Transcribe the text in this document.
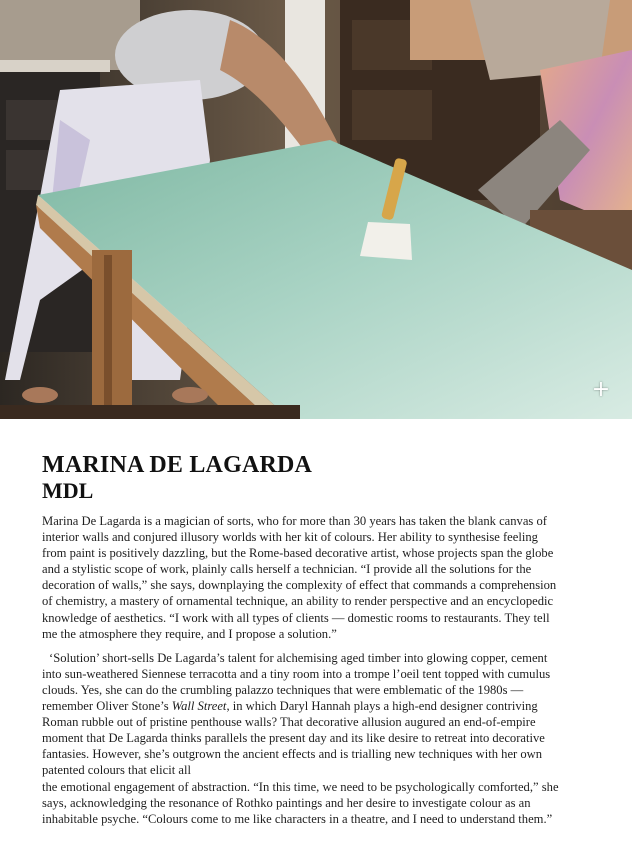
+
MARINA DE LAGARDA
MDL

Marina De Lagarda is a magician of sorts, who for more than 30 years has taken the blank canvas of
interior walls and conjured illusory worlds with her kit of colours. Her ability to synthesise feeling
from paint is positively dazzling, but the Rome-based decorative artist, whose projects span the globe
and a stylistic scope of work, plainly calls herself a technician. “I provide all the solutions for the
decoration of walls,” she says, downplaying the complexity of effect that commands a comprehension
of chemistry, a mastery of ornamental technique, an ability to render perspective and an encyclopedic
knowledge of aesthetics. “I work with all types of clients — domestic rooms to restaurants. They tell
me the atmosphere they require, and I propose a solution.”

‘Solution’ short-sells De Lagarda’s talent for alchemising aged timber into glowing copper, cement
into sun-weathered Siennese terracotta and a tiny room into a trompe l’oeil tent topped with cumulus
clouds. Yes, she can do the crumbling palazzo techniques that were emblematic of the 1980s —
remember Oliver Stone’s Wall Street, in which Daryl Hannah plays a high-end designer contriving
Roman rubble out of pristine penthouse walls? That decorative allusion augured an end-of-empire
moment that De Lagarda thinks parallels the present day and its like desire to retreat into decorative
fantasies. However, she’s outgrown the ancient effects and is trialling new techniques with her own
patented colours that elicit all
the emotional engagement of abstraction. “In this time, we need to be psychologically comforted,” she
says, acknowledging the resonance of Rothko paintings and her desire to investigate colour as an
inhabitable psyche. “Colours come to me like characters in a theatre, and I need to understand them.”
